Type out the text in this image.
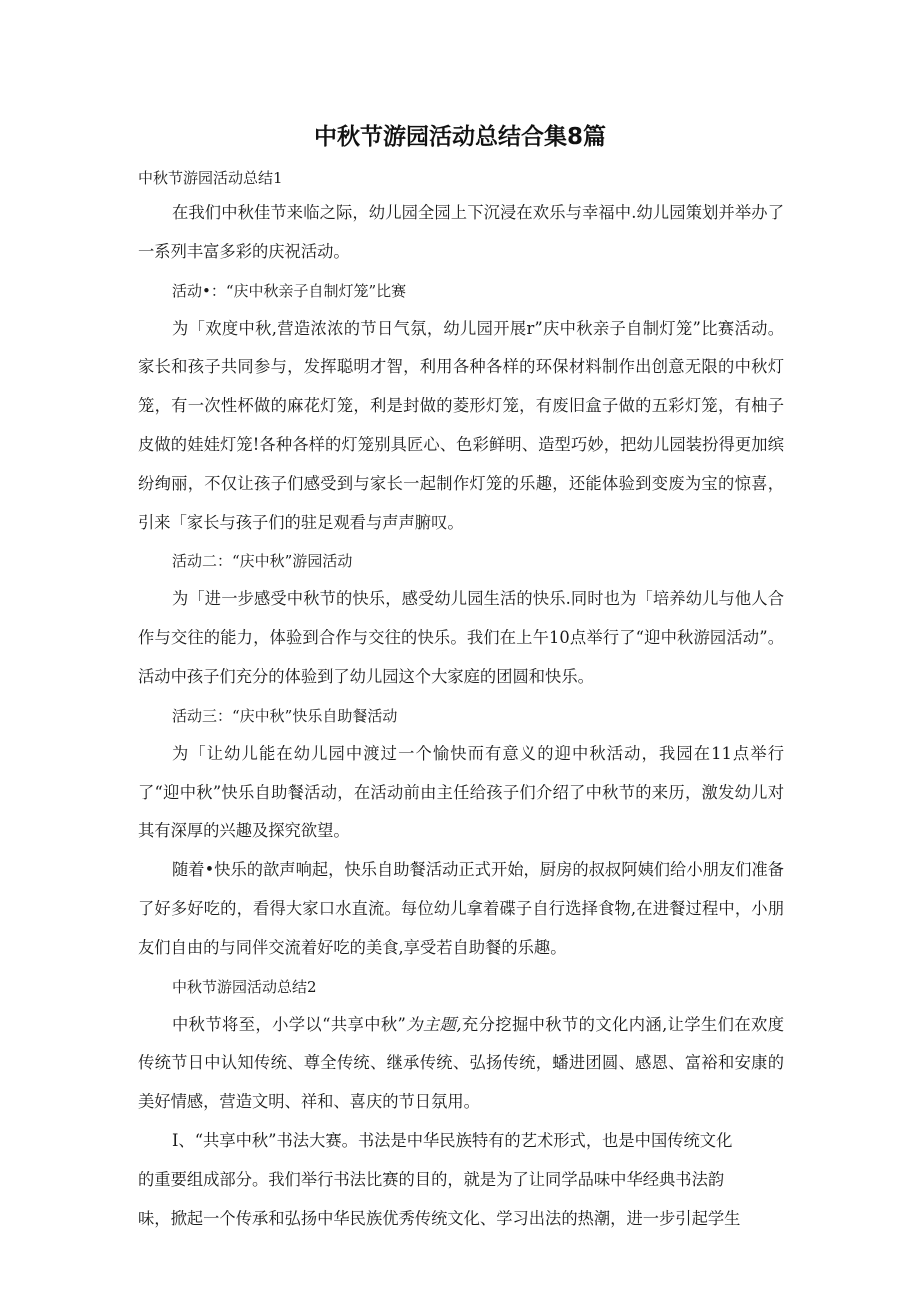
中秋节游园活动总结合集8篇

中秋节游园活动总结1

在我们中秋佳节来临之际，幼儿园全园上下沉浸在欢乐与幸福中.幼儿园策划并举办了一系列丰富多彩的庆祝活动。

活动•：“庆中秋亲子自制灯笼”比赛

为「欢度中秋,营造浓浓的节日气氛，幼儿园开展r”庆中秋亲子自制灯笼”比赛活动。家长和孩子共同参与，发挥聪明才智，利用各种各样的环保材料制作出创意无限的中秋灯笼，有一次性杯做的麻花灯笼，利是封做的菱形灯笼，有废旧盒子做的五彩灯笼，有柚子皮做的娃娃灯笼!各种各样的灯笼别具匠心、色彩鲜明、造型巧妙，把幼儿园装扮得更加缤纷绚丽，不仅让孩子们感受到与家长一起制作灯笼的乐趣，还能体验到变废为宝的惊喜，引来「家长与孩子们的驻足观看与声声腑叹。

活动二：“庆中秋”游园活动

为「进一步感受中秋节的快乐，感受幼儿园生活的快乐.同时也为「培养幼儿与他人合作与交往的能力，体验到合作与交往的快乐。我们在上午10点举行了“迎中秋游园活动”。活动中孩子们充分的体验到了幼儿园这个大家庭的团圆和快乐。

活动三：“庆中秋”快乐自助餐活动

为「让幼儿能在幼儿园中渡过一个愉快而有意义的迎中秋活动，我园在11点举行了“迎中秋”快乐自助餐活动，在活动前由主任给孩子们介绍了中秋节的来历，激发幼儿对其有深厚的兴趣及探究欲望。

随着•快乐的歆声响起，快乐自助餐活动正式开始，厨房的叔叔阿姨们给小朋友们准备了好多好吃的，看得大家口水直流。每位幼儿拿着碟子自行选择食物,在进餐过程中，小朋友们自由的与同伴交流着好吃的美食,享受若自助餐的乐趣。

中秋节游园活动总结2

中秋节将至，小学以“共享中秋”为主题,充分挖掘中秋节的文化内涵,让学生们在欢度传统节日中认知传统、尊全传统、继承传统、弘扬传统，蟠进团圆、感恩、富裕和安康的美好情感，营造文明、祥和、喜庆的节日氛用。

I、“共享中秋”书法大赛。书法是中华民族特有的艺术形式，也是中国传统文化

的重要组成部分。我们举行书法比赛的目的，就是为了让同学品味中华经典书法韵

味，掀起一个传承和弘扬中华民族优秀传统文化、学习出法的热潮，进一步引起学生
